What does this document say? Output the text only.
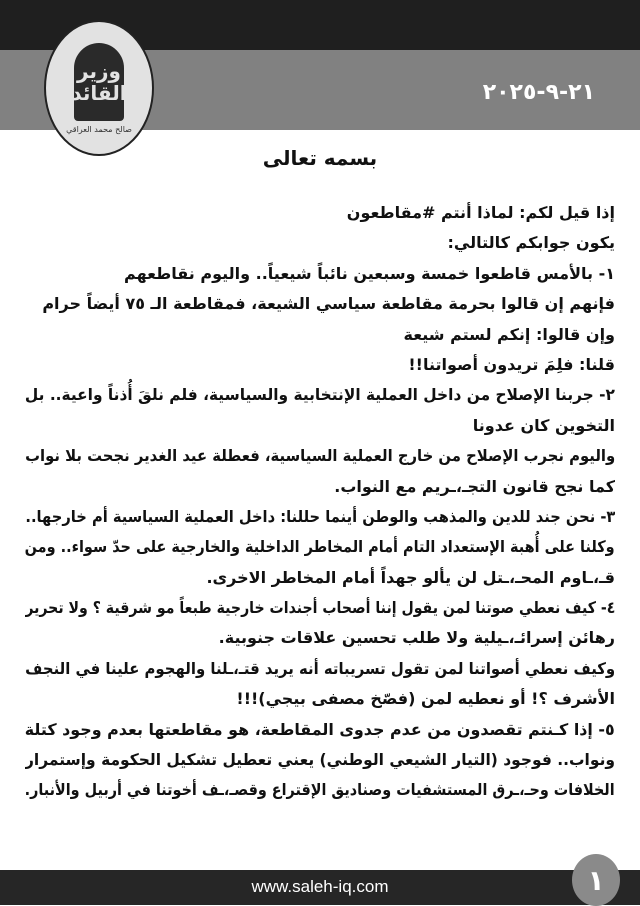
٢١-٩-٢٠٢٥
وزير
القائد
صالح محمد العراقي
بسمه تعالى
إذا قيل لكم: لماذا أنتم #مقاطعون
يكون جوابكم كالتالي:
١- بالأمس قاطعوا خمسة وسبعين نائباً شيعياً.. واليوم نقاطعهم
فإنهم إن قالوا بحرمة مقاطعة سياسي الشيعة، فمقاطعة الـ ٧٥ أيضاً حرام
وإن قالوا: إنكم لستم شيعة
قلنا: فلِمَ تريدون أصواتنا!!
٢- جربنا الإصلاح من داخل العملية الإنتخابية والسياسية، فلم نلقَ أُذناً واعية.. بل
التخوين كان عدونا
واليوم نجرب الإصلاح من خارج العملية السياسية، فعطلة عيد الغدير نجحت بلا نواب
كما نجح قانون التجـ،ـريم مع النواب.
٣- نحن جند للدين والمذهب والوطن أينما حللنا: داخل العملية السياسية أم خارجها..
وكلنا على أُهبة الإستعداد التام أمام المخاطر الداخلية والخارجية على حدّ سواء.. ومن
قـ،ـاوم المحـ،ـتل لن يألو جهداً أمام المخاطر الاخرى.
٤- كيف نعطي صوتنا لمن يقول إننا أصحاب أجندات خارجية طبعاً مو شرقية ؟ ولا تحرير
رهائن إسرائـ،ـيلية ولا طلب تحسين علاقات جنوبية.
وكيف نعطي أصواتنا لمن تقول تسريباته أنه يريد قتـ،ـلنا والهجوم علينا في النجف
الأشرف ؟! أو نعطيه لمن (فصّخ مصفى بيجي)!!!
٥- إذا كـنتم تقصدون من عدم جدوى المقاطعة، هو مقاطعتها بعدم وجود كتلة
ونواب.. فوجود (التيار الشيعي الوطني) يعني تعطيل تشكيل الحكومة وإستمرار
الخلافات وحـ،ـرق المستشفيات وصناديق الإقتراع وقصـ،ـف أخوتنا في أربيل والأنبار.
www.saleh-iq.com	١
